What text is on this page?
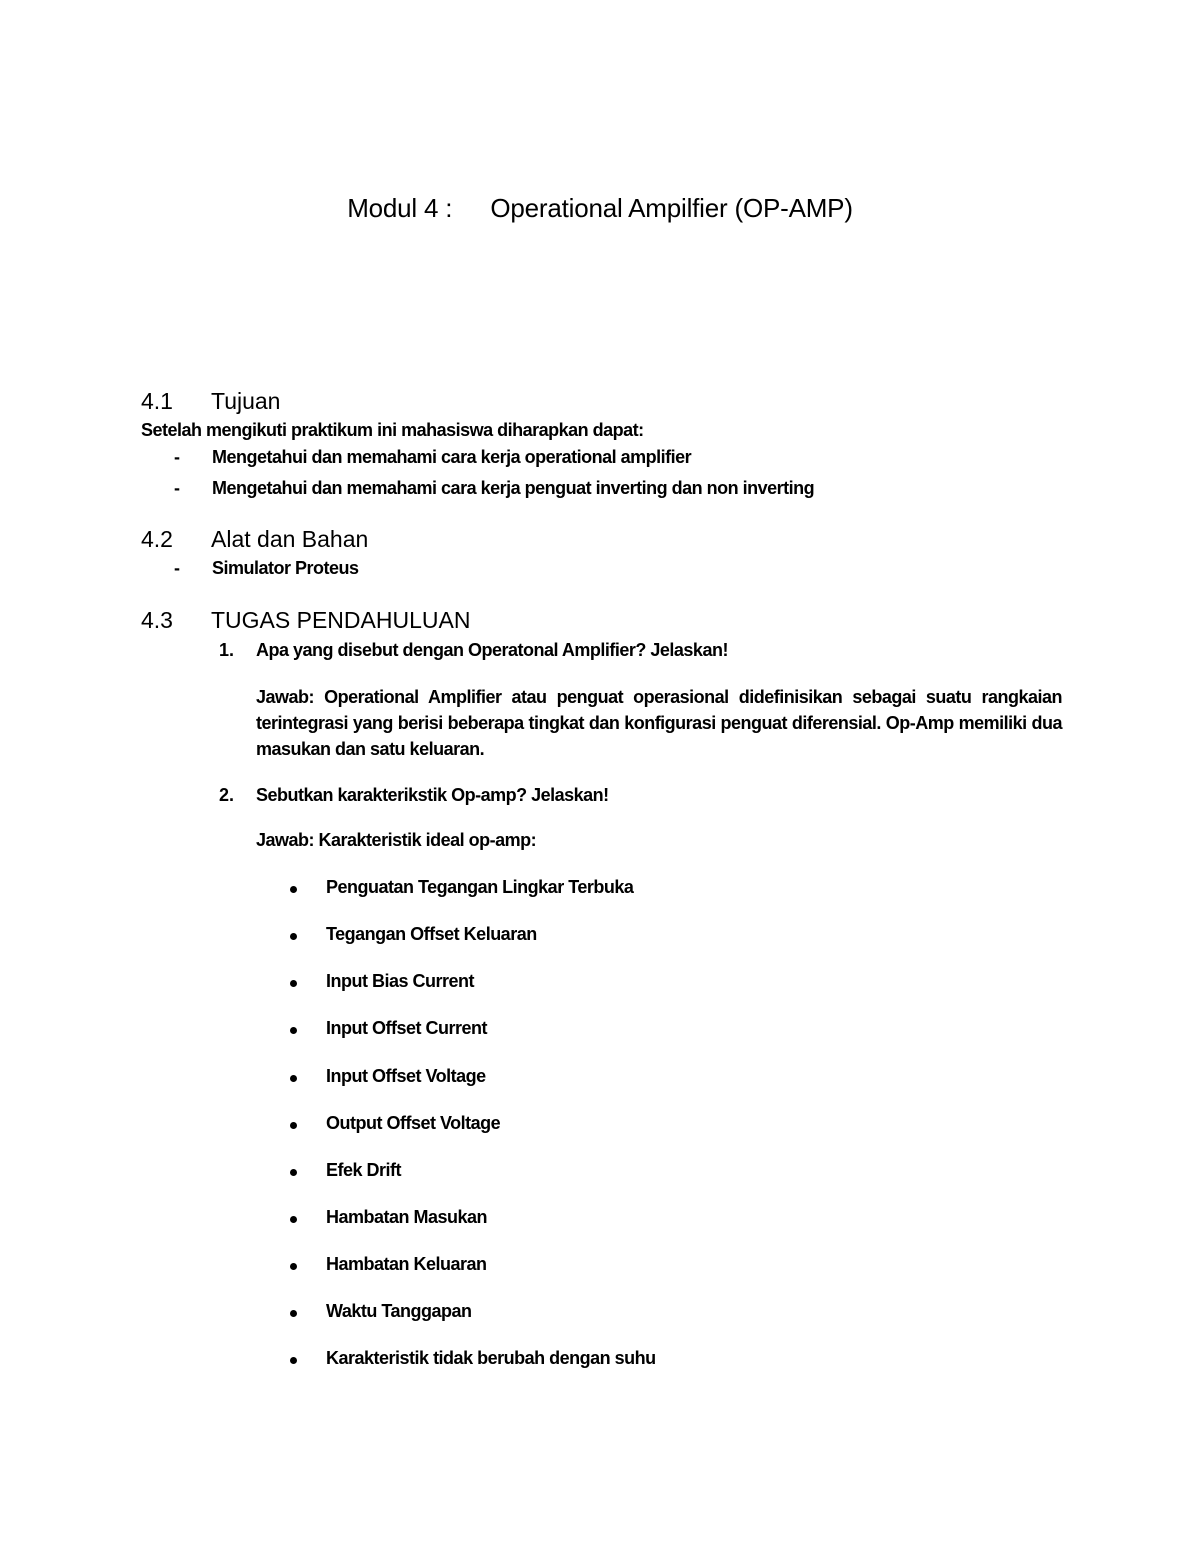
Modul 4 : Operational Ampilfier (OP-AMP)
4.1 Tujuan
Setelah mengikuti praktikum ini mahasiswa diharapkan dapat:
- Mengetahui dan memahami cara kerja operational amplifier
- Mengetahui dan memahami cara kerja penguat inverting dan non inverting
4.2 Alat dan Bahan
- Simulator Proteus
4.3 TUGAS PENDAHULUAN
1. Apa yang disebut dengan Operatonal Amplifier? Jelaskan!
Jawab: Operational Amplifier atau penguat operasional didefinisikan sebagai suatu rangkaian terintegrasi yang berisi beberapa tingkat dan konfigurasi penguat diferensial. Op-Amp memiliki dua masukan dan satu keluaran.
2. Sebutkan karakterikstik Op-amp? Jelaskan!
Jawab: Karakteristik ideal op-amp:
Penguatan Tegangan Lingkar Terbuka
Tegangan Offset Keluaran
Input Bias Current
Input Offset Current
Input Offset Voltage
Output Offset Voltage
Efek Drift
Hambatan Masukan
Hambatan Keluaran
Waktu Tanggapan
Karakteristik tidak berubah dengan suhu
